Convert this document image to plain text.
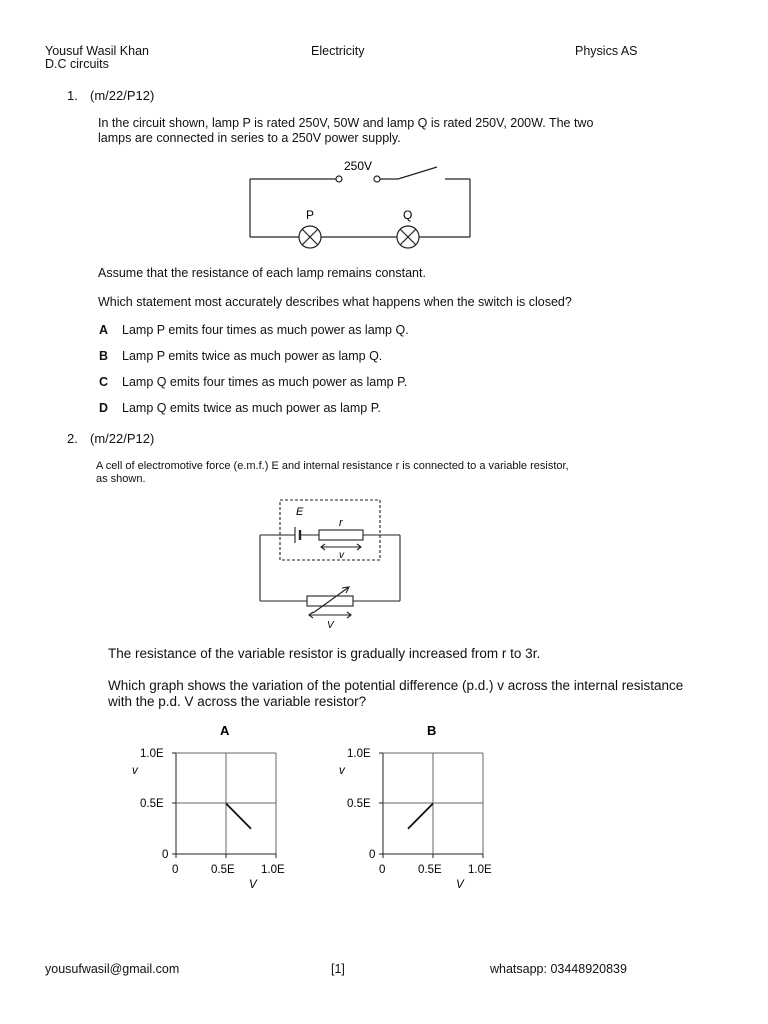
Yousuf Wasil Khan
D.C circuits
Electricity	Physics AS
1. (m/22/P12)
In the circuit shown, lamp P is rated 250V, 50W and lamp Q is rated 250V, 200W. The two
lamps are connected in series to a 250V power supply.
250V
P	Q
Assume that the resistance of each lamp remains constant.
Which statement most accurately describes what happens when the switch is closed?
A Lamp P emits four times as much power as lamp Q.
B Lamp P emits twice as much power as lamp Q.
C Lamp Q emits four times as much power as lamp P.
D Lamp Q emits twice as much power as lamp P.
2. (m/22/P12)
A cell of electromotive force (e.m.f.) E and internal resistance r is connected to a variable resistor,
as shown.
E
r
v
V
The resistance of the variable resistor is gradually increased from r to 3r.
Which graph shows the variation of the potential difference (p.d.) v across the internal resistance
with the p.d. V across the variable resistor?
A
1.0E
0.5E
0
v
0	0.5E 1.0E
V
B
1.0E
0.5E
0
v
0	0.5E 1.0E
V
yousufwasil@gmail.com	[1]	whatsapp: 03448920839
